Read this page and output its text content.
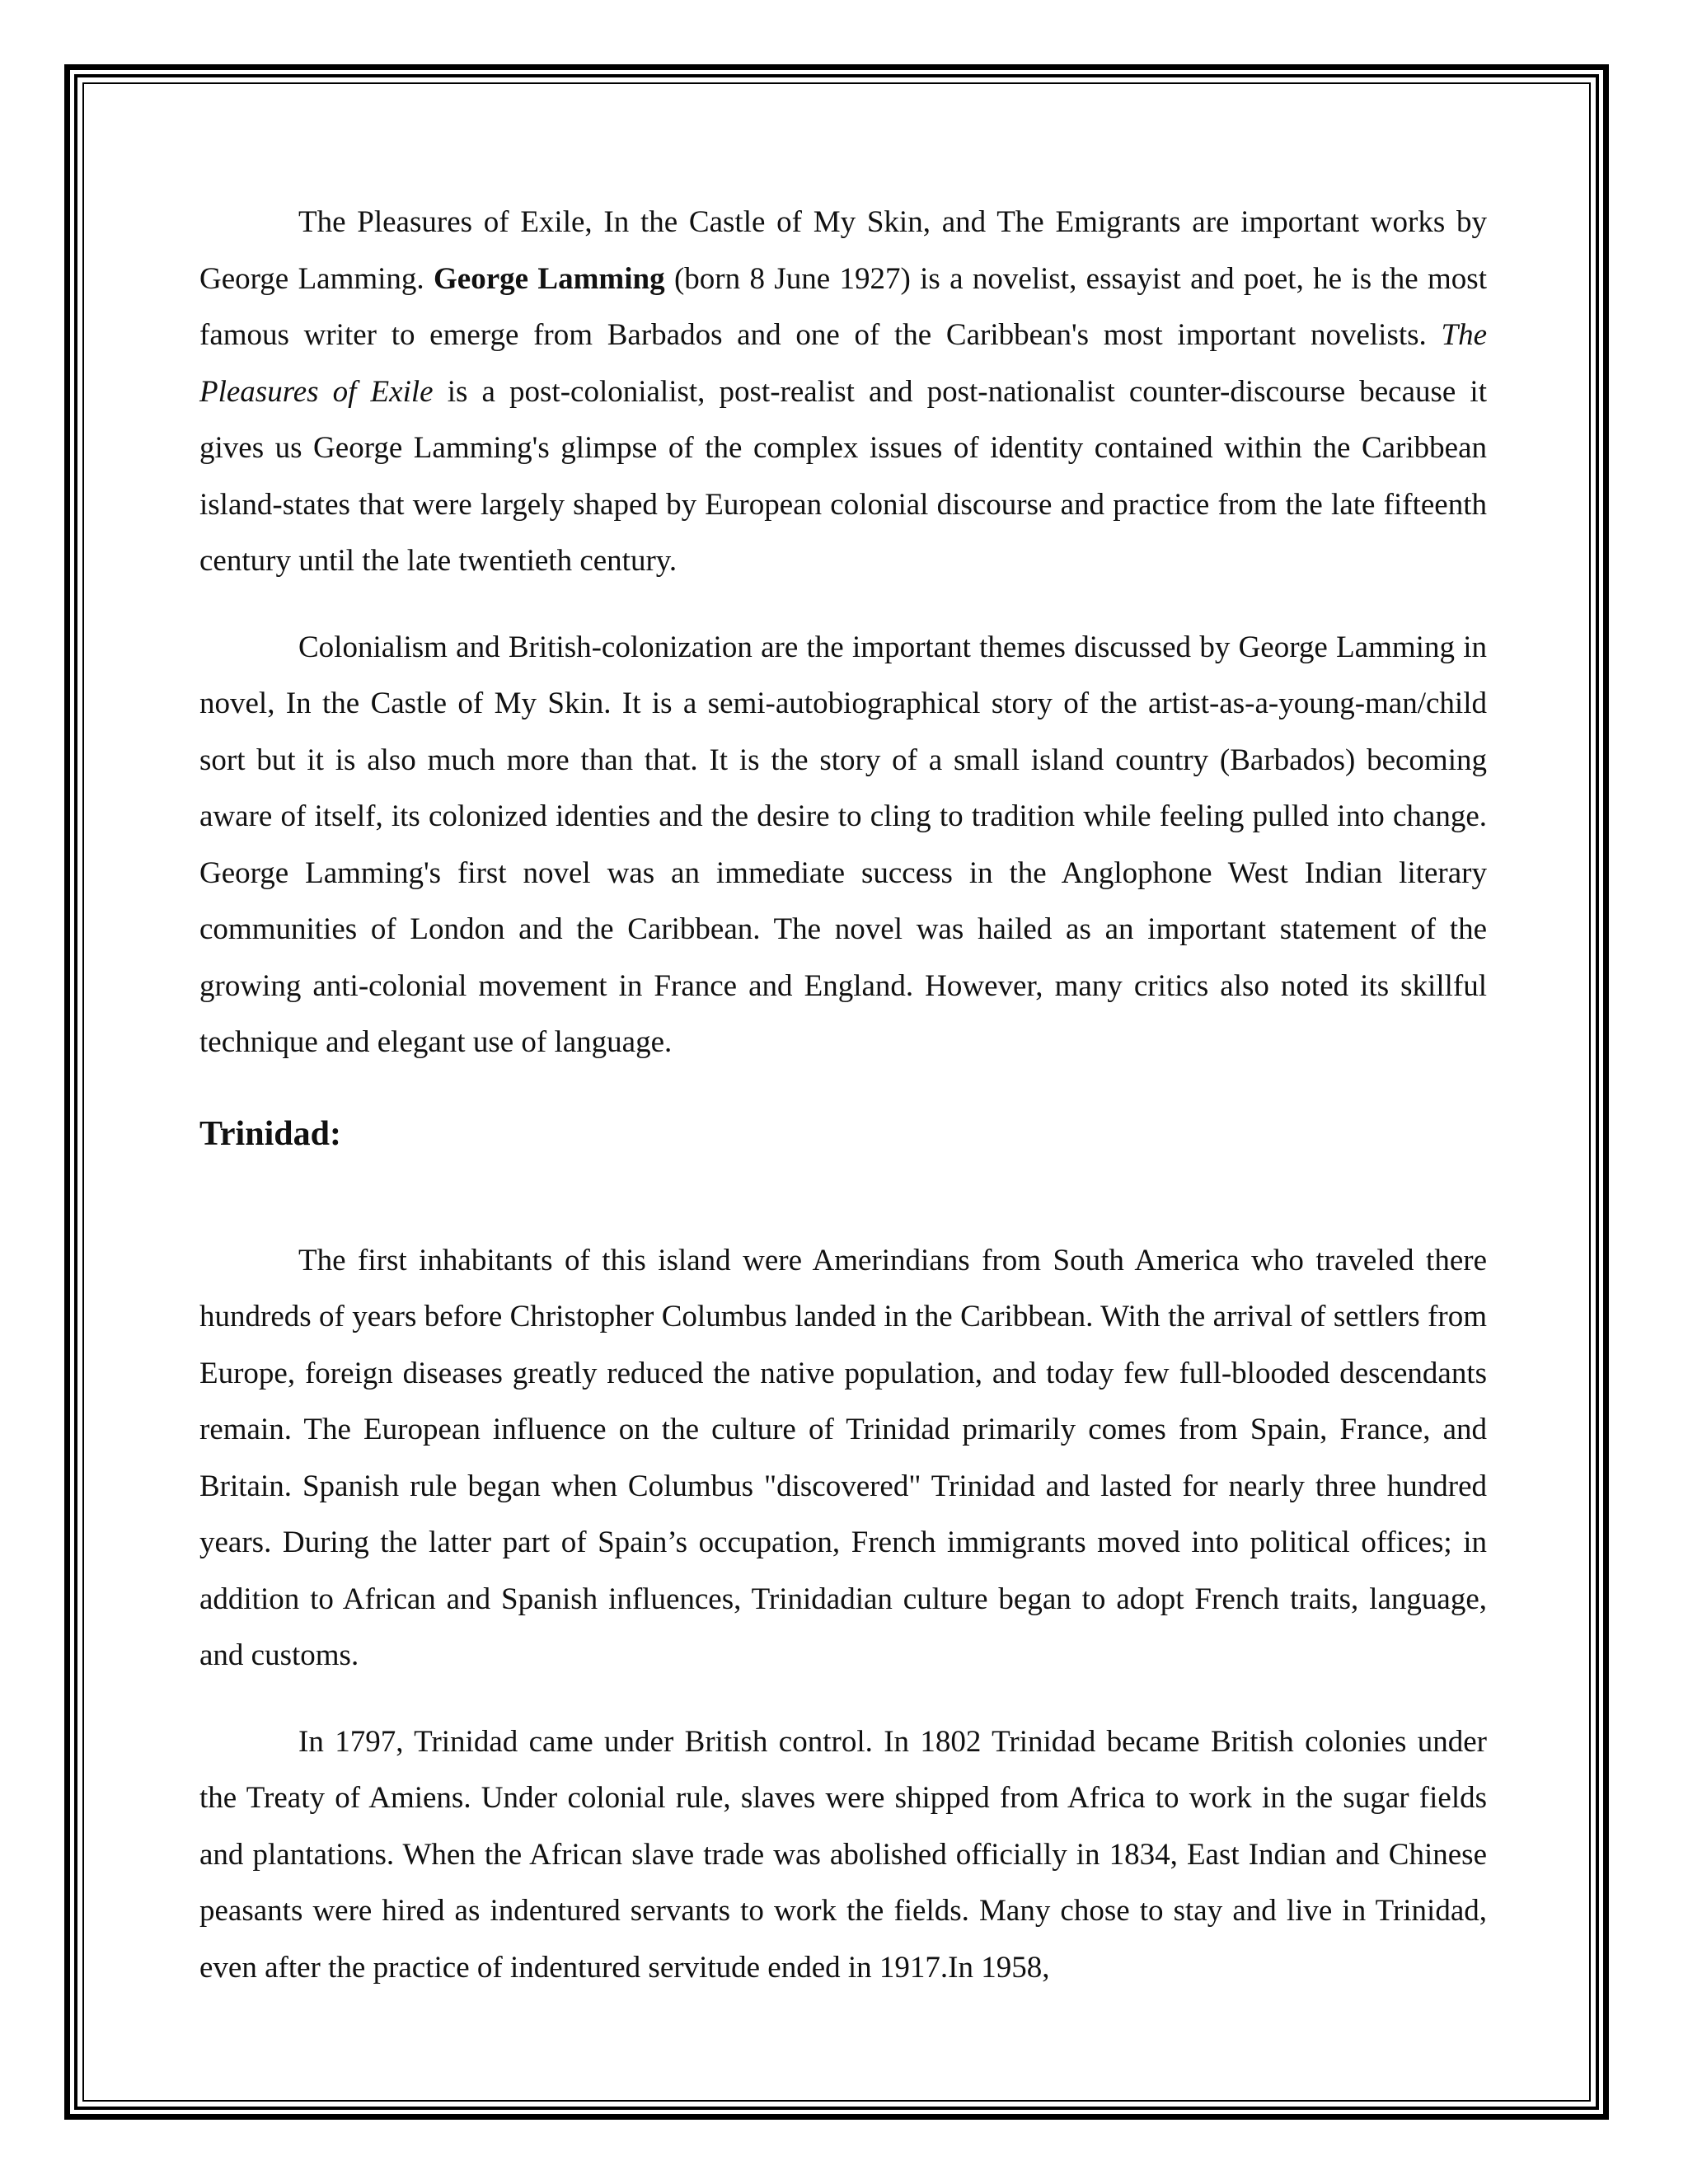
The Pleasures of Exile, In the Castle of My Skin, and The Emigrants are important works by George Lamming. George Lamming (born 8 June 1927) is a novelist, essayist and poet, he is the most famous writer to emerge from Barbados and one of the Caribbean's most important novelists. The Pleasures of Exile is a post-colonialist, post-realist and post-nationalist counter-discourse because it gives us George Lamming's glimpse of the complex issues of identity contained within the Caribbean island-states that were largely shaped by European colonial discourse and practice from the late fifteenth century until the late twentieth century.

Colonialism and British-colonization are the important themes discussed by George Lamming in novel, In the Castle of My Skin. It is a semi-autobiographical story of the artist-as-a-young-man/child sort but it is also much more than that. It is the story of a small island country (Barbados) becoming aware of itself, its colonized identies and the desire to cling to tradition while feeling pulled into change. George Lamming's first novel was an immediate success in the Anglophone West Indian literary communities of London and the Caribbean. The novel was hailed as an important statement of the growing anti-colonial movement in France and England. However, many critics also noted its skillful technique and elegant use of language.

Trinidad:

The first inhabitants of this island were Amerindians from South America who traveled there hundreds of years before Christopher Columbus landed in the Caribbean. With the arrival of settlers from Europe, foreign diseases greatly reduced the native population, and today few full-blooded descendants remain. The European influence on the culture of Trinidad primarily comes from Spain, France, and Britain. Spanish rule began when Columbus "discovered" Trinidad and lasted for nearly three hundred years. During the latter part of Spain’s occupation, French immigrants moved into political offices; in addition to African and Spanish influences, Trinidadian culture began to adopt French traits, language, and customs.

In 1797, Trinidad came under British control. In 1802 Trinidad became British colonies under the Treaty of Amiens. Under colonial rule, slaves were shipped from Africa to work in the sugar fields and plantations. When the African slave trade was abolished officially in 1834, East Indian and Chinese peasants were hired as indentured servants to work the fields. Many chose to stay and live in Trinidad, even after the practice of indentured servitude ended in 1917.In 1958,
